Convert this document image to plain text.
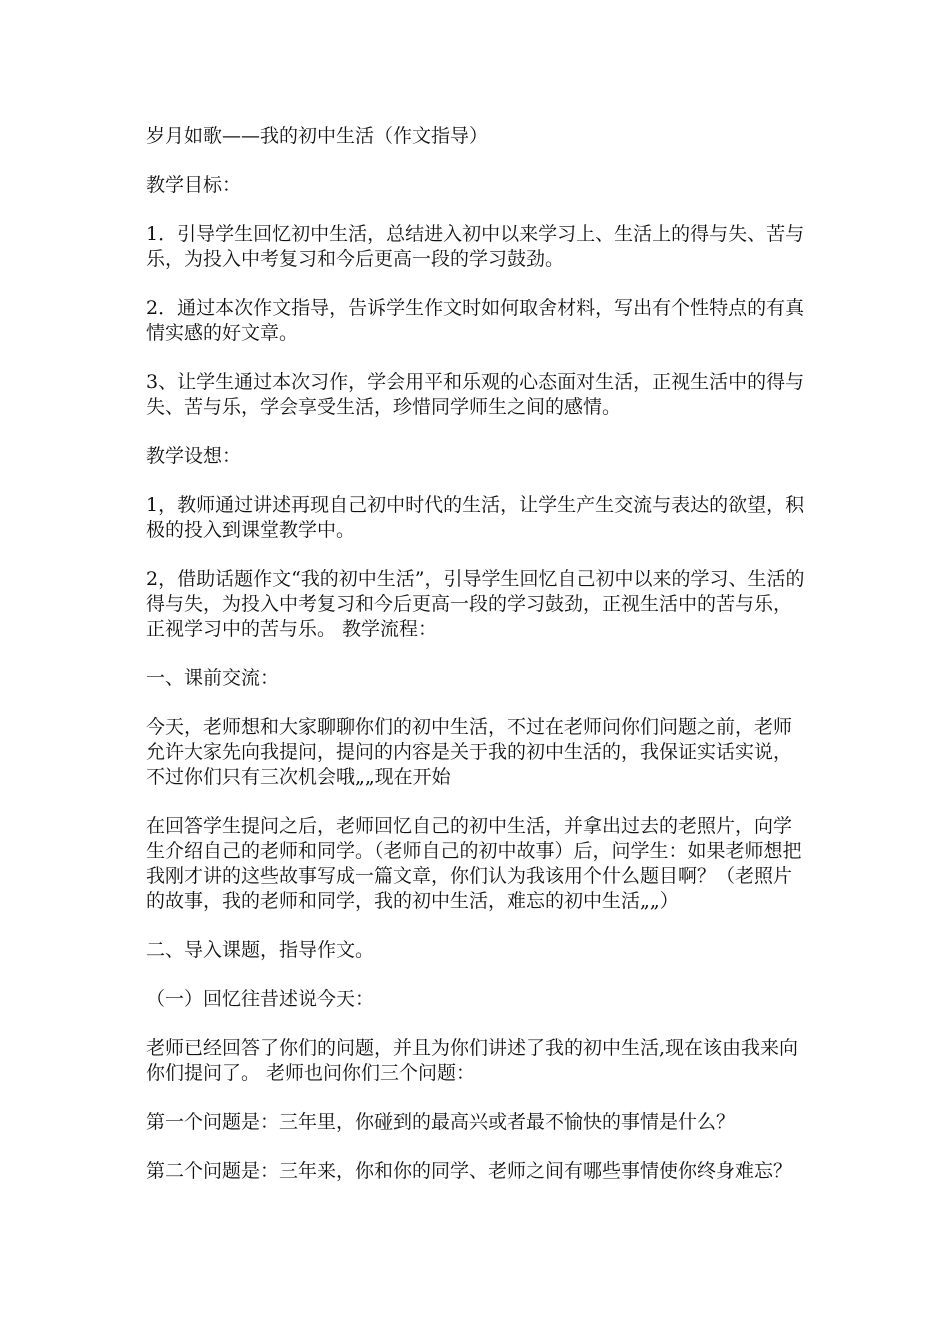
岁月如歌——我的初中生活（作文指导）

教学目标：

1．引导学生回忆初中生活，总结进入初中以来学习上、生活上的得与失、苦与乐，为投入中考复习和今后更高一段的学习鼓劲。

2．通过本次作文指导，告诉学生作文时如何取舍材料，写出有个性特点的有真情实感的好文章。

3、让学生通过本次习作，学会用平和乐观的心态面对生活，正视生活中的得与失、苦与乐，学会享受生活，珍惜同学师生之间的感情。

教学设想：

1，教师通过讲述再现自己初中时代的生活，让学生产生交流与表达的欲望，积极的投入到课堂教学中。

2，借助话题作文“我的初中生活”，引导学生回忆自己初中以来的学习、生活的得与失，为投入中考复习和今后更高一段的学习鼓劲，正视生活中的苦与乐，正视学习中的苦与乐。 教学流程：

一、课前交流：

今天，老师想和大家聊聊你们的初中生活，不过在老师问你们问题之前，老师允许大家先向我提问，提问的内容是关于我的初中生活的，我保证实话实说，不过你们只有三次机会哦„„现在开始

在回答学生提问之后，老师回忆自己的初中生活，并拿出过去的老照片，向学生介绍自己的老师和同学。（老师自己的初中故事）后，问学生：如果老师想把我刚才讲的这些故事写成一篇文章，你们认为我该用个什么题目啊？（老照片的故事，我的老师和同学，我的初中生活，难忘的初中生活„„）

二、导入课题，指导作文。

（一）回忆往昔述说今天：

老师已经回答了你们的问题，并且为你们讲述了我的初中生活,现在该由我来向你们提问了。 老师也问你们三个问题：

第一个问题是：三年里，你碰到的最高兴或者最不愉快的事情是什么？

第二个问题是：三年来，你和你的同学、老师之间有哪些事情使你终身难忘？
